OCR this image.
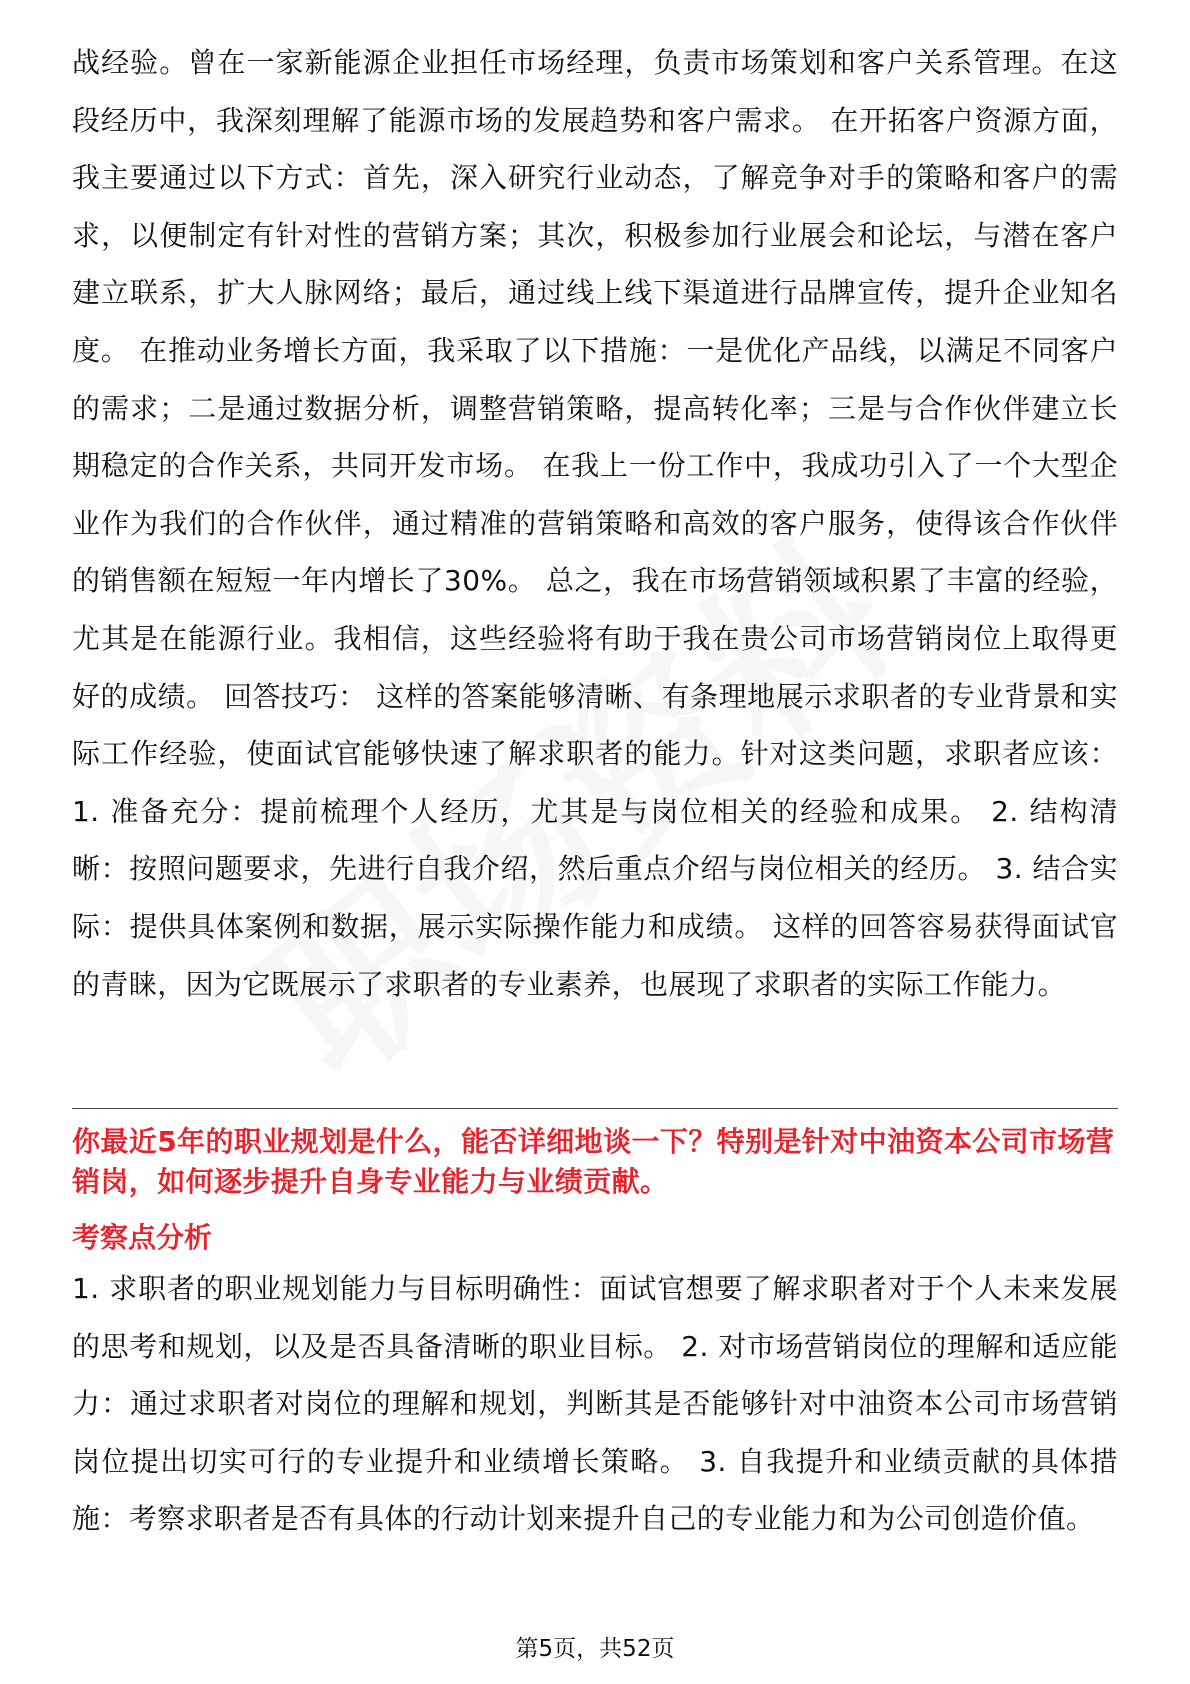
战经验。曾在一家新能源企业担任市场经理，负责市场策划和客户关系管理。在这段经历中，我深刻理解了能源市场的发展趋势和客户需求。 在开拓客户资源方面，我主要通过以下方式：首先，深入研究行业动态，了解竞争对手的策略和客户的需求，以便制定有针对性的营销方案；其次，积极参加行业展会和论坛，与潜在客户建立联系，扩大人脉网络；最后，通过线上线下渠道进行品牌宣传，提升企业知名度。 在推动业务增长方面，我采取了以下措施：一是优化产品线，以满足不同客户的需求；二是通过数据分析，调整营销策略，提高转化率；三是与合作伙伴建立长期稳定的合作关系，共同开发市场。 在我上一份工作中，我成功引入了一个大型企业作为我们的合作伙伴，通过精准的营销策略和高效的客户服务，使得该合作伙伴的销售额在短短一年内增长了30%。 总之，我在市场营销领域积累了丰富的经验，尤其是在能源行业。我相信，这些经验将有助于我在贵公司市场营销岗位上取得更好的成绩。 回答技巧： 这样的答案能够清晰、有条理地展示求职者的专业背景和实际工作经验，使面试官能够快速了解求职者的能力。针对这类问题，求职者应该： 1. 准备充分：提前梳理个人经历，尤其是与岗位相关的经验和成果。 2. 结构清晰：按照问题要求，先进行自我介绍，然后重点介绍与岗位相关的经历。 3. 结合实际：提供具体案例和数据，展示实际操作能力和成绩。 这样的回答容易获得面试官的青睐，因为它既展示了求职者的专业素养，也展现了求职者的实际工作能力。

你最近5年的职业规划是什么，能否详细地谈一下？特别是针对中油资本公司市场营销岗，如何逐步提升自身专业能力与业绩贡献。

考察点分析

1. 求职者的职业规划能力与目标明确性：面试官想要了解求职者对于个人未来发展的思考和规划，以及是否具备清晰的职业目标。 2. 对市场营销岗位的理解和适应能力：通过求职者对岗位的理解和规划，判断其是否能够针对中油资本公司市场营销岗位提出切实可行的专业提升和业绩增长策略。 3. 自我提升和业绩贡献的具体措施：考察求职者是否有具体的行动计划来提升自己的专业能力和为公司创造价值。

第5页，共52页
